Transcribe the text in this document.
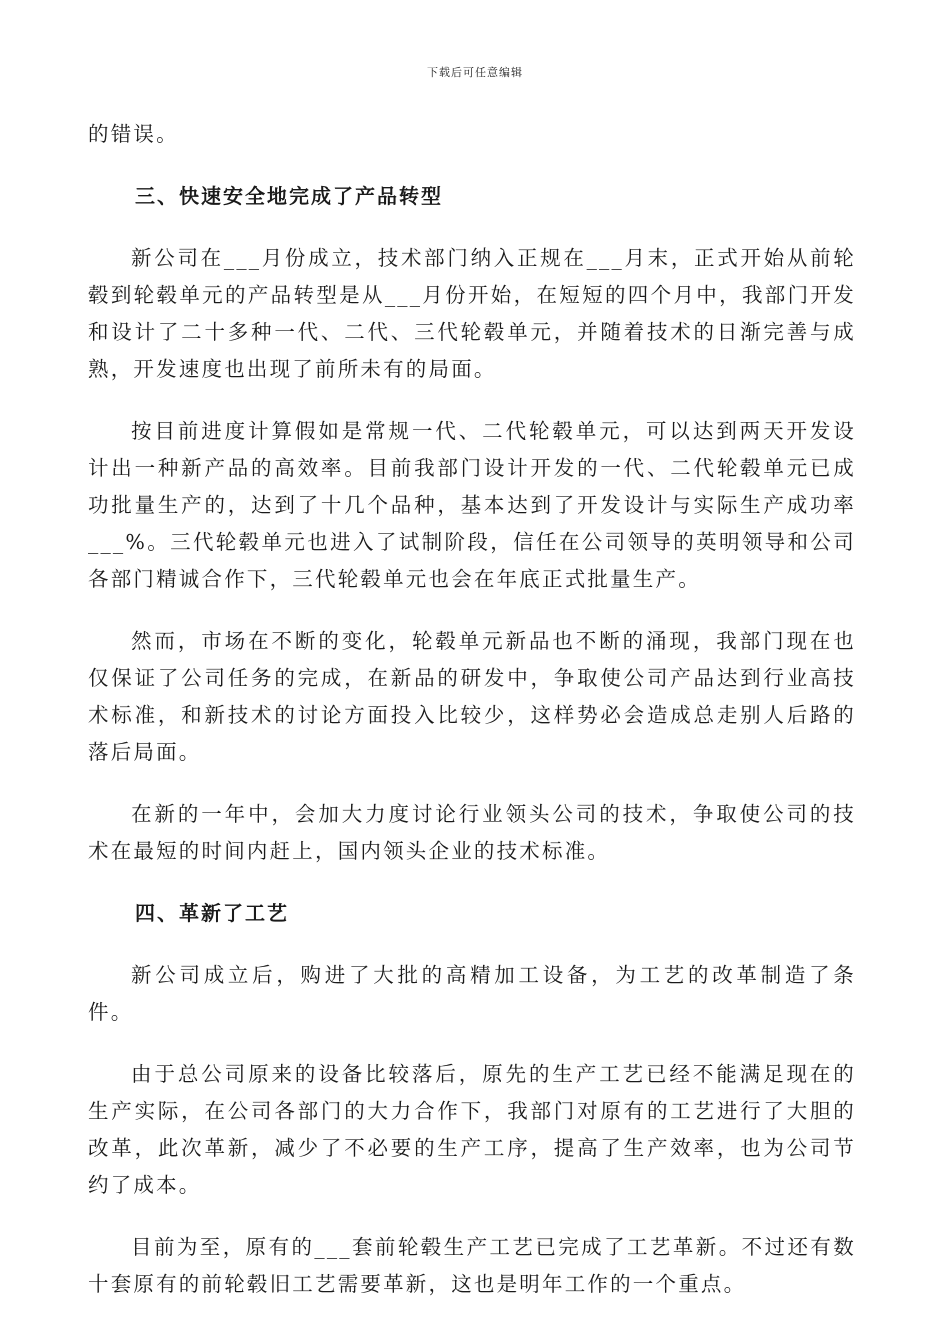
下载后可任意编辑

的错误。

三、快速安全地完成了产品转型

新公司在___月份成立，技术部门纳入正规在___月末，正式开始从前轮毂到轮毂单元的产品转型是从___月份开始，在短短的四个月中，我部门开发和设计了二十多种一代、二代、三代轮毂单元，并随着技术的日渐完善与成熟，开发速度也出现了前所未有的局面。

按目前进度计算假如是常规一代、二代轮毂单元，可以达到两天开发设计出一种新产品的高效率。目前我部门设计开发的一代、二代轮毂单元已成功批量生产的，达到了十几个品种，基本达到了开发设计与实际生产成功率___%。三代轮毂单元也进入了试制阶段，信任在公司领导的英明领导和公司各部门精诚合作下，三代轮毂单元也会在年底正式批量生产。

然而，市场在不断的变化，轮毂单元新品也不断的涌现，我部门现在也仅保证了公司任务的完成，在新品的研发中，争取使公司产品达到行业高技术标准，和新技术的讨论方面投入比较少，这样势必会造成总走别人后路的落后局面。

在新的一年中，会加大力度讨论行业领头公司的技术，争取使公司的技术在最短的时间内赶上，国内领头企业的技术标准。

四、革新了工艺

新公司成立后，购进了大批的高精加工设备，为工艺的改革制造了条件。

由于总公司原来的设备比较落后，原先的生产工艺已经不能满足现在的生产实际，在公司各部门的大力合作下，我部门对原有的工艺进行了大胆的改革，此次革新，减少了不必要的生产工序，提高了生产效率，也为公司节约了成本。

目前为至，原有的___套前轮毂生产工艺已完成了工艺革新。不过还有数十套原有的前轮毂旧工艺需要革新，这也是明年工作的一个重点。
